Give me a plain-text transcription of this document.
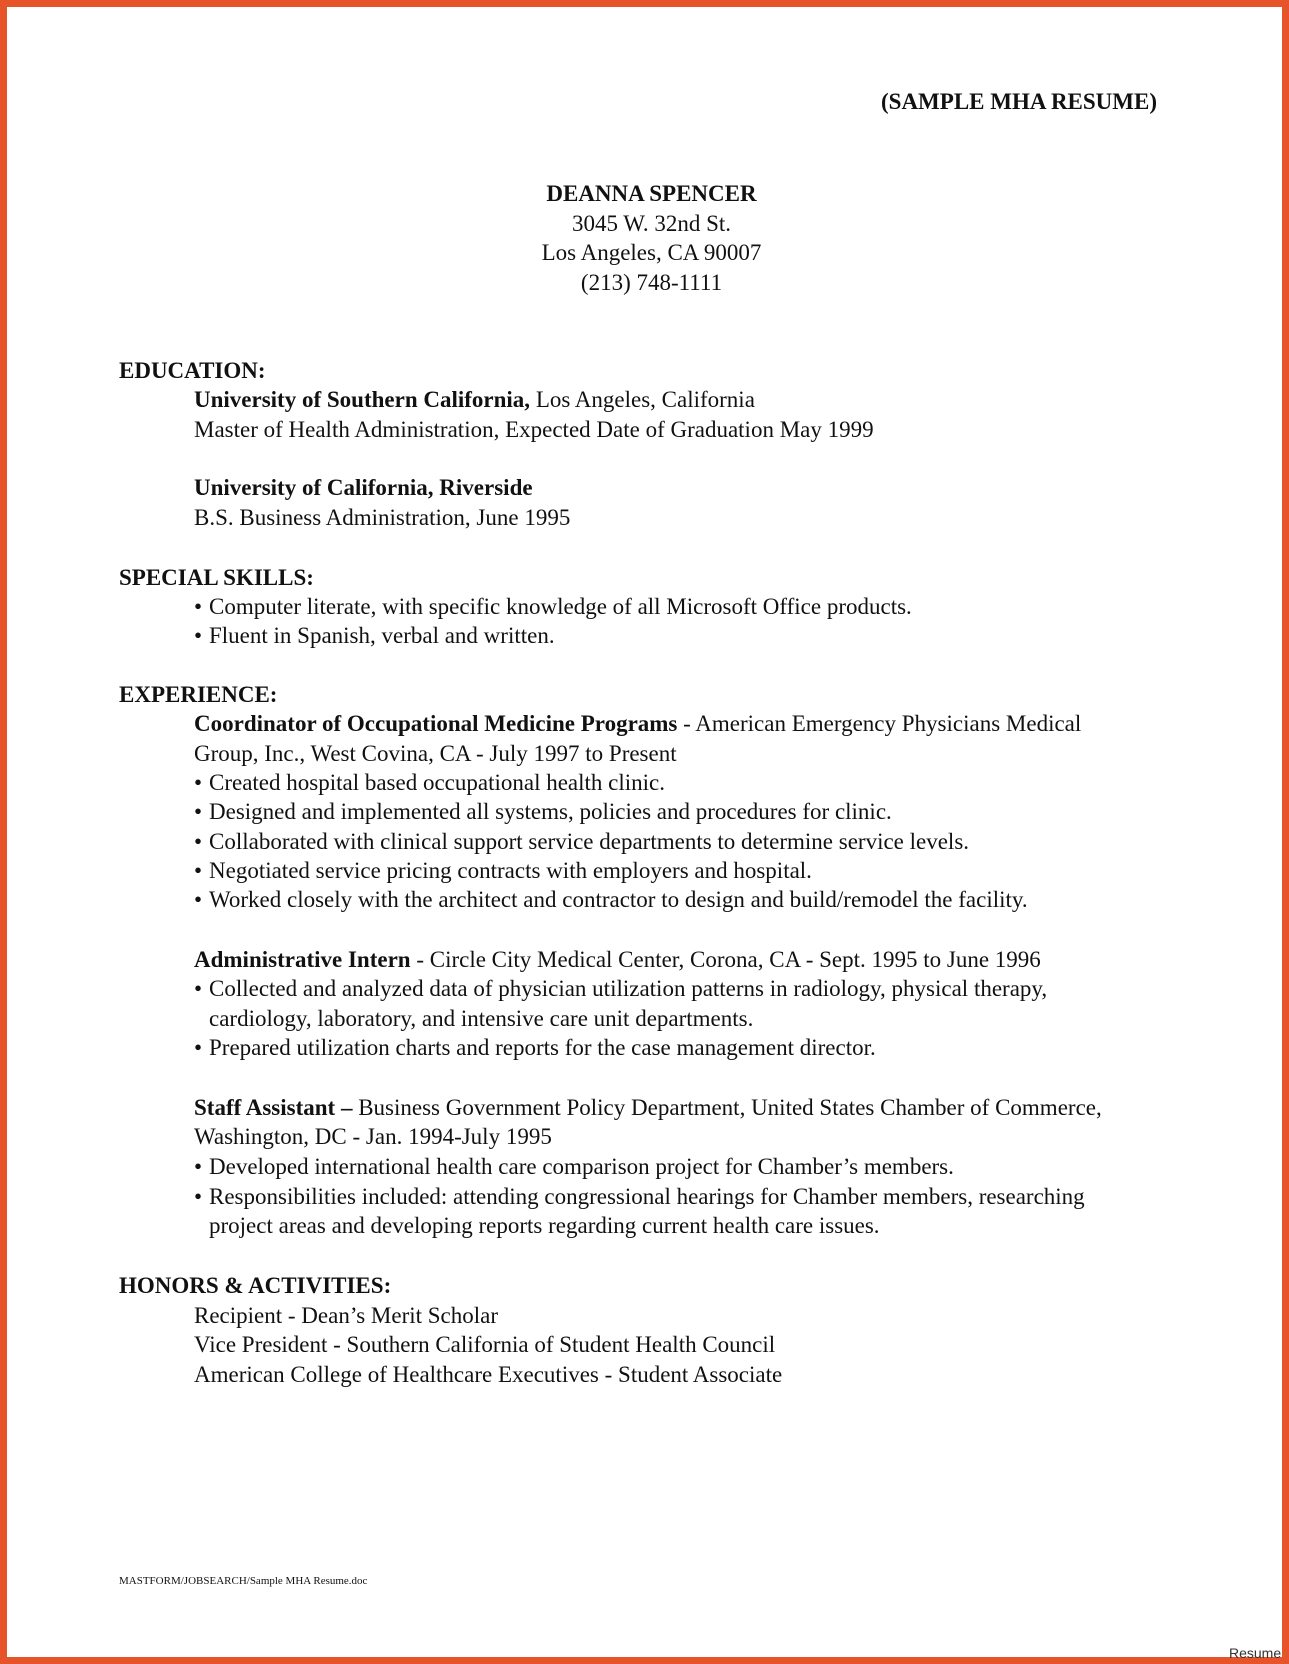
(SAMPLE MHA RESUME)
DEANNA SPENCER
3045 W. 32nd St.
Los Angeles, CA 90007
(213) 748-1111
EDUCATION:
University of Southern California, Los Angeles, California
Master of Health Administration, Expected Date of Graduation May 1999
University of California, Riverside
B.S. Business Administration, June 1995
SPECIAL SKILLS:
• Computer literate, with specific knowledge of all Microsoft Office products.
• Fluent in Spanish, verbal and written.
EXPERIENCE:
Coordinator of Occupational Medicine Programs - American Emergency Physicians Medical
Group, Inc., West Covina, CA - July 1997 to Present
• Created hospital based occupational health clinic.
• Designed and implemented all systems, policies and procedures for clinic.
• Collaborated with clinical support service departments to determine service levels.
• Negotiated service pricing contracts with employers and hospital.
• Worked closely with the architect and contractor to design and build/remodel the facility.
Administrative Intern - Circle City Medical Center, Corona, CA - Sept. 1995 to June 1996
• Collected and analyzed data of physician utilization patterns in radiology, physical therapy,
cardiology, laboratory, and intensive care unit departments.
• Prepared utilization charts and reports for the case management director.
Staff Assistant – Business Government Policy Department, United States Chamber of Commerce,
Washington, DC - Jan. 1994-July 1995
• Developed international health care comparison project for Chamber’s members.
• Responsibilities included: attending congressional hearings for Chamber members, researching
project areas and developing reports regarding current health care issues.
HONORS & ACTIVITIES:
Recipient - Dean’s Merit Scholar
Vice President - Southern California of Student Health Council
American College of Healthcare Executives - Student Associate
MASTFORM/JOBSEARCH/Sample MHA Resume.doc
Resume
